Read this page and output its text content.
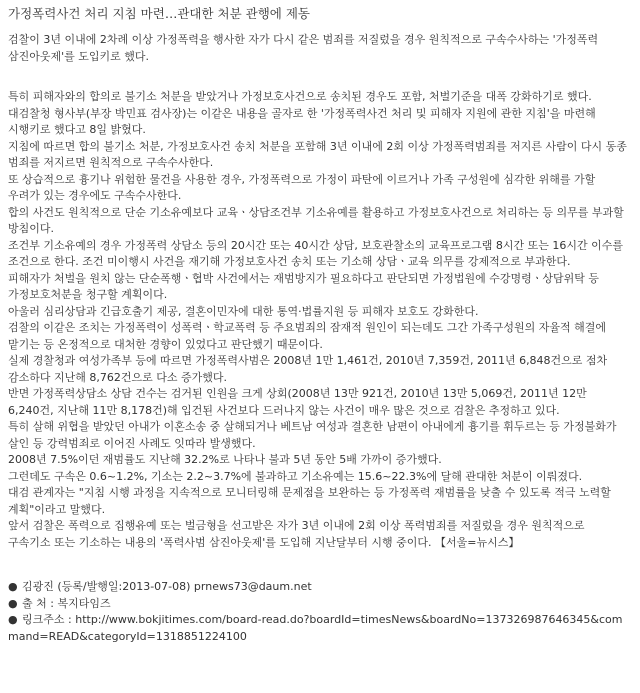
가정폭력사건 처리 지침 마련…관대한 처분 관행에 제동

검찰이 3년 이내에 2차례 이상 가정폭력을 행사한 자가 다시 같은 범죄를 저질렀을 경우 원칙적으로 구속수사하는 '가정폭력 삼진아웃제'를 도입키로 했다.

특히 피해자와의 합의로 불기소 처분을 받았거나 가정보호사건으로 송치된 경우도 포함, 처벌기준을 대폭 강화하기로 했다.

대검찰청 형사부(부장 박민표 검사장)는 이같은 내용을 골자로 한 '가정폭력사건 처리 및 피해자 지원에 관한 지침'을 마련해 시행키로 했다고 8일 밝혔다.

지침에 따르면 합의 불기소 처분, 가정보호사건 송치 처분을 포함해 3년 이내에 2회 이상 가정폭력범죄를 저지른 사람이 다시 동종 범죄를 저지르면 원칙적으로 구속수사한다.

또 상습적으로 흉기나 위험한 물건을 사용한 경우, 가정폭력으로 가정이 파탄에 이르거나 가족 구성원에 심각한 위해를 가할 우려가 있는 경우에도 구속수사한다.

합의 사건도 원칙적으로 단순 기소유예보다 교육ㆍ상담조건부 기소유예를 활용하고 가정보호사건으로 처리하는 등 의무를 부과할 방침이다.

조건부 기소유예의 경우 가정폭력 상담소 등의 20시간 또는 40시간 상담, 보호관찰소의 교육프로그램 8시간 또는 16시간 이수를 조건으로 한다. 조건 미이행시 사건을 재기해 가정보호사건 송치 또는 기소해 상담ㆍ교육 의무를 강제적으로 부과한다.

피해자가 처벌을 원치 않는 단순폭행ㆍ협박 사건에서는 재범방지가 필요하다고 판단되면 가정법원에 수강명령ㆍ상담위탁 등 가정보호처분을 청구할 계획이다.

아울러 심리상담과 긴급호출기 제공, 결혼이민자에 대한 통역·법률지원 등 피해자 보호도 강화한다.

검찰의 이같은 조치는 가정폭력이 성폭력ㆍ학교폭력 등 주요범죄의 잠재적 원인이 되는데도 그간 가족구성원의 자율적 해결에 맡기는 등 온정적으로 대처한 경향이 있었다고 판단했기 때문이다.

실제 경찰청과 여성가족부 등에 따르면 가정폭력사범은 2008년 1만 1,461건, 2010년 7,359건, 2011년 6,848건으로 점차 감소하다 지난해 8,762건으로 다소 증가했다.

반면 가정폭력상담소 상담 건수는 검거된 인원을 크게 상회(2008년 13만 921건, 2010년 13만 5,069건, 2011년 12만 6,240건, 지난해 11만 8,178건)해 입건된 사건보다 드러나지 않는 사건이 매우 많은 것으로 검찰은 추정하고 있다.

특히 살해 위협을 받았던 아내가 이혼소송 중 살해되거나 베트남 여성과 결혼한 남편이 아내에게 흉기를 휘두르는 등 가정불화가 살인 등 강력범죄로 이어진 사례도 잇따라 발생했다.

2008년 7.5%이던 재범률도 지난해 32.2%로 나타나 불과 5년 동안 5배 가까이 증가했다.

그런데도 구속은 0.6~1.2%, 기소는 2.2~3.7%에 불과하고 기소유예는 15.6~22.3%에 달해 관대한 처분이 이뤄졌다.

대검 관계자는 "지침 시행 과정을 지속적으로 모니터링해 문제점을 보완하는 등 가정폭력 재범률을 낮출 수 있도록 적극 노력할 계획"이라고 말했다.

앞서 검찰은 폭력으로 집행유예 또는 벌금형을 선고받은 자가 3년 이내에 2회 이상 폭력범죄를 저질렀을 경우 원칙적으로 구속기소 또는 기소하는 내용의 '폭력사범 삼진아웃제'를 도입해 지난달부터 시행 중이다. 【서울=뉴시스】

● 김광진 (등록/발행일:2013-07-08) prnews73@daum.net
● 출 처 : 복지타임즈
● 링크주소 : http://www.bokjitimes.com/board-read.do?boardId=timesNews&boardNo=137326987646345&command=READ&categoryId=1318851224100
